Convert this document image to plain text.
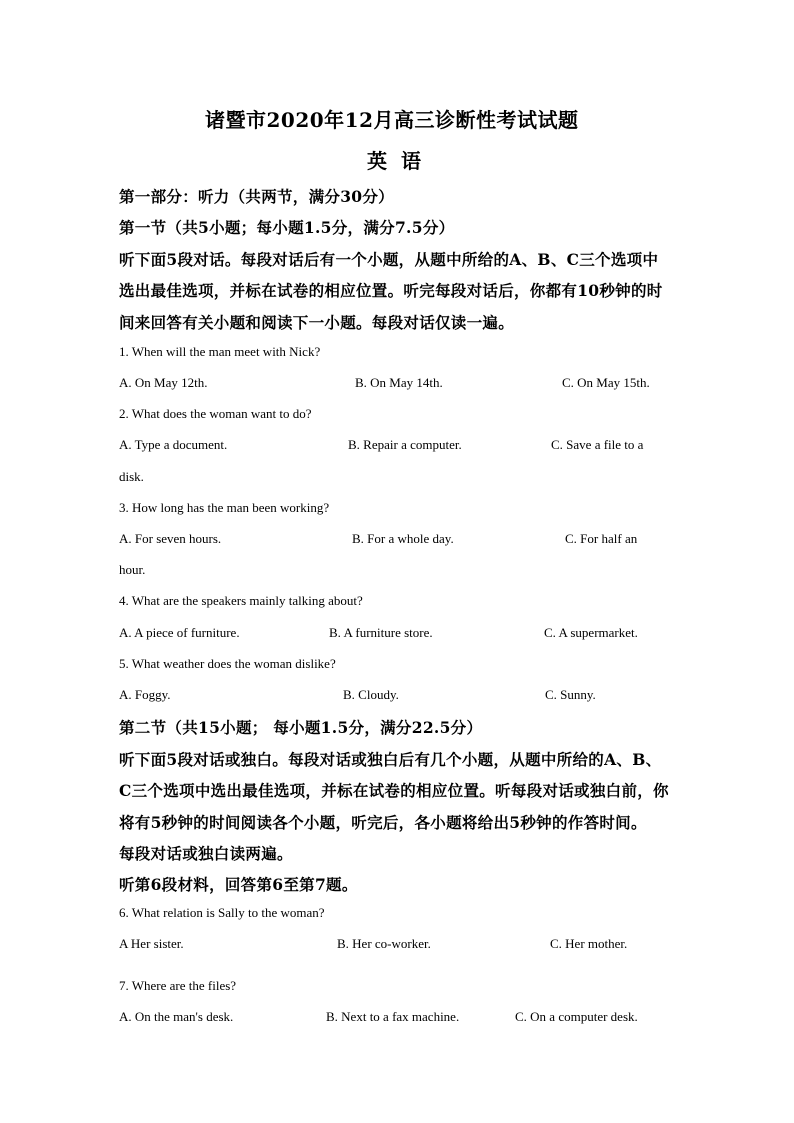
诸暨市2020年12月高三诊断性考试试题
英语
第一部分：听力（共两节，满分30分）
第一节（共5小题；每小题1.5分，满分7.5分）
听下面5段对话。每段对话后有一个小题，从题中所给的A、B、C三个选项中
选出最佳选项，并标在试卷的相应位置。听完每段对话后，你都有10秒钟的时
间来回答有关小题和阅读下一小题。每段对话仅读一遍。
1. When will the man meet with Nick?
A. On May 12th.	B. On May 14th.	C. On May 15th.
2. What does the woman want to do?
A. Type a document.	B. Repair a computer.	C. Save a file to a
disk.
3. How long has the man been working?
A. For seven hours.	B. For a whole day.	C. For half an
hour.
4. What are the speakers mainly talking about?
A. A piece of furniture.	B. A furniture store.	C. A supermarket.
5. What weather does the woman dislike?
A. Foggy.	B. Cloudy.	C. Sunny.
第二节（共15小题； 每小题1.5分，满分22.5分）
听下面5段对话或独白。每段对话或独白后有几个小题，从题中所给的A、B、
C三个选项中选出最佳选项，并标在试卷的相应位置。听每段对话或独白前，你
将有5秒钟的时间阅读各个小题，听完后，各小题将给出5秒钟的作答时间。
每段对话或独白读两遍。
听第6段材料，回答第6至第7题。
6. What relation is Sally to the woman?
A Her sister.	B. Her co-worker.	C. Her mother.
7. Where are the files?
A. On the man's desk.	B. Next to a fax machine.	C. On a computer desk.
